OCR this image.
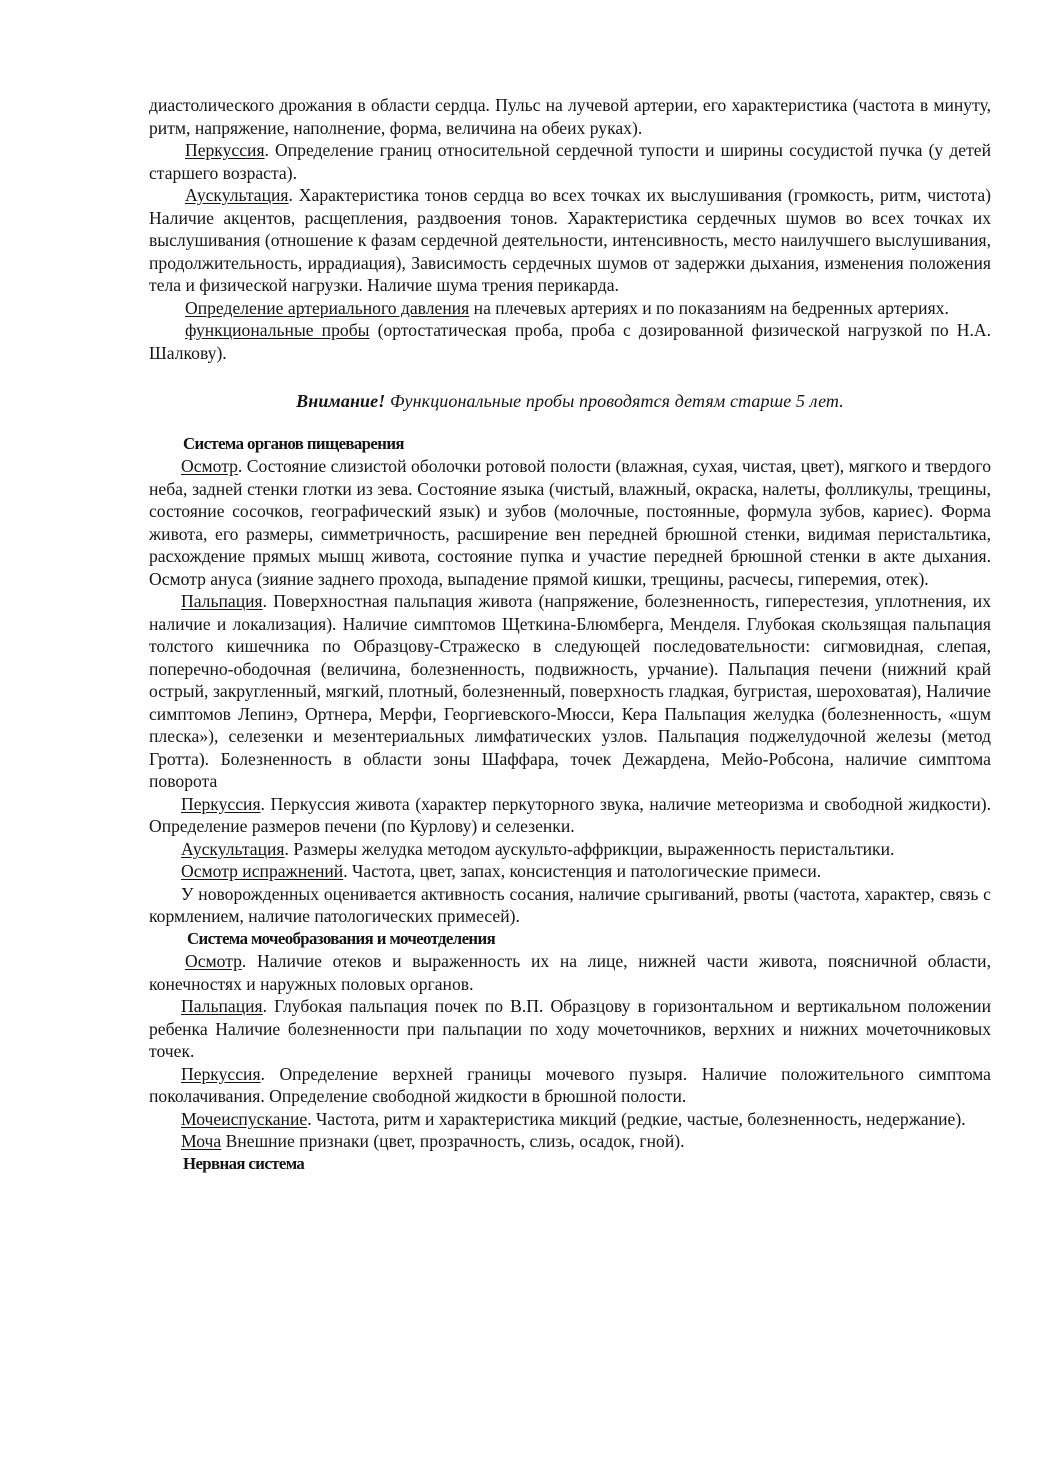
диастолического дрожания в области сердца. Пульс на лучевой артерии, его характеристика (частота в минуту, ритм, напряжение, наполнение, форма, величина на обеих руках).

Перкуссия. Определение границ относительной сердечной тупости и ширины сосудистой пучка (у детей старшего возраста).

Аускультация. Характеристика тонов сердца во всех точках их выслушивания (громкость, ритм, чистота) Наличие акцентов, расщепления, раздвоения тонов. Характеристика сердечных шумов во всех точках их выслушивания (отношение к фазам сердечной деятельности, интенсивность, место наилучшего выслушивания, продолжительность, иррадиация), Зависимость сердечных шумов от задержки дыхания, изменения положения тела и физической нагрузки. Наличие шума трения перикарда.

Определение артериального давления на плечевых артериях и по показаниям на бедренных артериях.

функциональные пробы (ортостатическая проба, проба с дозированной физической нагрузкой по Н.А. Шалкову).

Внимание! Функциональные пробы проводятся детям старше 5 лет.

Система органов пищеварения

Осмотр. Состояние слизистой оболочки ротовой полости (влажная, сухая, чистая, цвет), мягкого и твердого неба, задней стенки глотки из зева. Состояние языка (чистый, влажный, окраска, налеты, фолликулы, трещины, состояние сосочков, географический язык) и зубов (молочные, постоянные, формула зубов, кариес). Форма живота, его размеры, симметричность, расширение вен передней брюшной стенки, видимая перистальтика, расхождение прямых мышц живота, состояние пупка и участие передней брюшной стенки в акте дыхания. Осмотр ануса (зияние заднего прохода, выпадение прямой кишки, трещины, расчесы, гиперемия, отек).

Пальпация. Поверхностная пальпация живота (напряжение, болезненность, гиперестезия, уплотнения, их наличие и локализация). Наличие симптомов Щеткина-Блюмберга, Менделя. Глубокая скользящая пальпация толстого кишечника по Образцову-Стражеско в следующей последовательности: сигмовидная, слепая, поперечно-ободочная (величина, болезненность, подвижность, урчание). Пальпация печени (нижний край острый, закругленный, мягкий, плотный, болезненный, поверхность гладкая, бугристая, шероховатая), Наличие симптомов Лепинэ, Ортнера, Мерфи, Георгиевского-Мюсси, Кера Пальпация желудка (болезненность, «шум плеска»), селезенки и мезентериальных лимфатических узлов. Пальпация поджелудочной железы (метод Гротта). Болезненность в области зоны Шаффара, точек Дежардена, Мейо-Робсона, наличие симптома поворота

Перкуссия. Перкуссия живота (характер перкуторного звука, наличие метеоризма и свободной жидкости). Определение размеров печени (по Курлову) и селезенки.

Аускультация. Размеры желудка методом аускульто-аффрикции, выраженность перистальтики.

Осмотр испражнений. Частота, цвет, запах, консистенция и патологические примеси.

У новорожденных оценивается активность сосания, наличие срыгиваний, рвоты (частота, характер, связь с кормлением, наличие патологических примесей).

Система мочеобразования и мочеотделения

Осмотр. Наличие отеков и выраженность их на лице, нижней части живота, поясничной области, конечностях и наружных половых органов.

Пальпация. Глубокая пальпация почек по В.П. Образцову в горизонтальном и вертикальном положении ребенка Наличие болезненности при пальпации по ходу мочеточников, верхних и нижних мочеточниковых точек.

Перкуссия. Определение верхней границы мочевого пузыря. Наличие положительного симптома поколачивания. Определение свободной жидкости в брюшной полости.

Мочеиспускание. Частота, ритм и характеристика микций (редкие, частые, болезненность, недержание).

Моча Внешние признаки (цвет, прозрачность, слизь, осадок, гной).

Нервная система
